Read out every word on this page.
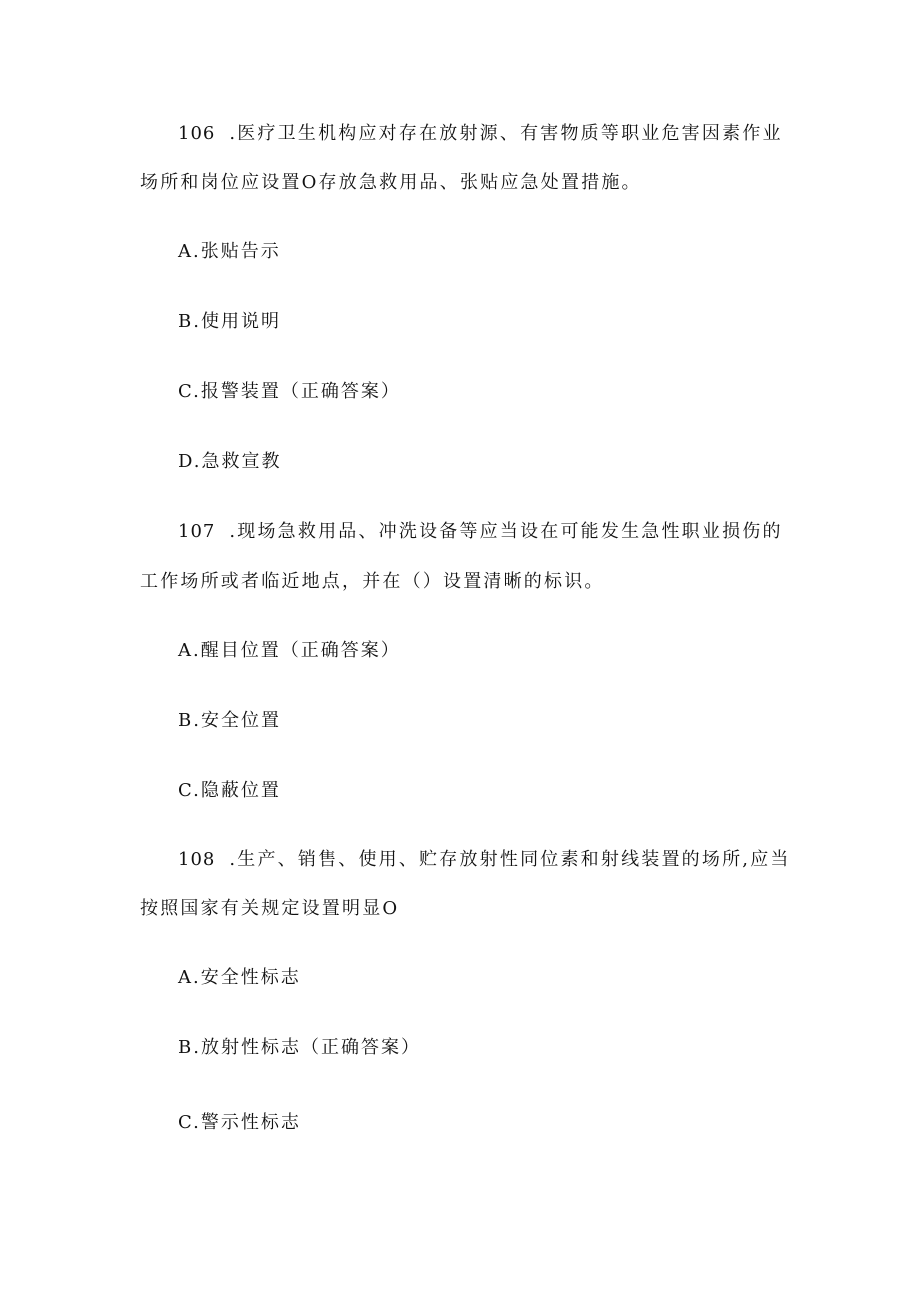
106 .医疗卫生机构应对存在放射源、有害物质等职业危害因素作业
场所和岗位应设置O存放急救用品、张贴应急处置措施。
A.张贴告示
B.使用说明
C.报警装置（正确答案）
D.急救宣教
107 .现场急救用品、冲洗设备等应当设在可能发生急性职业损伤的
工作场所或者临近地点，并在（）设置清晰的标识。
A.醒目位置（正确答案）
B.安全位置
C.隐蔽位置
108 .生产、销售、使用、贮存放射性同位素和射线装置的场所,应当
按照国家有关规定设置明显O
A.安全性标志
B.放射性标志（正确答案）
C.警示性标志
